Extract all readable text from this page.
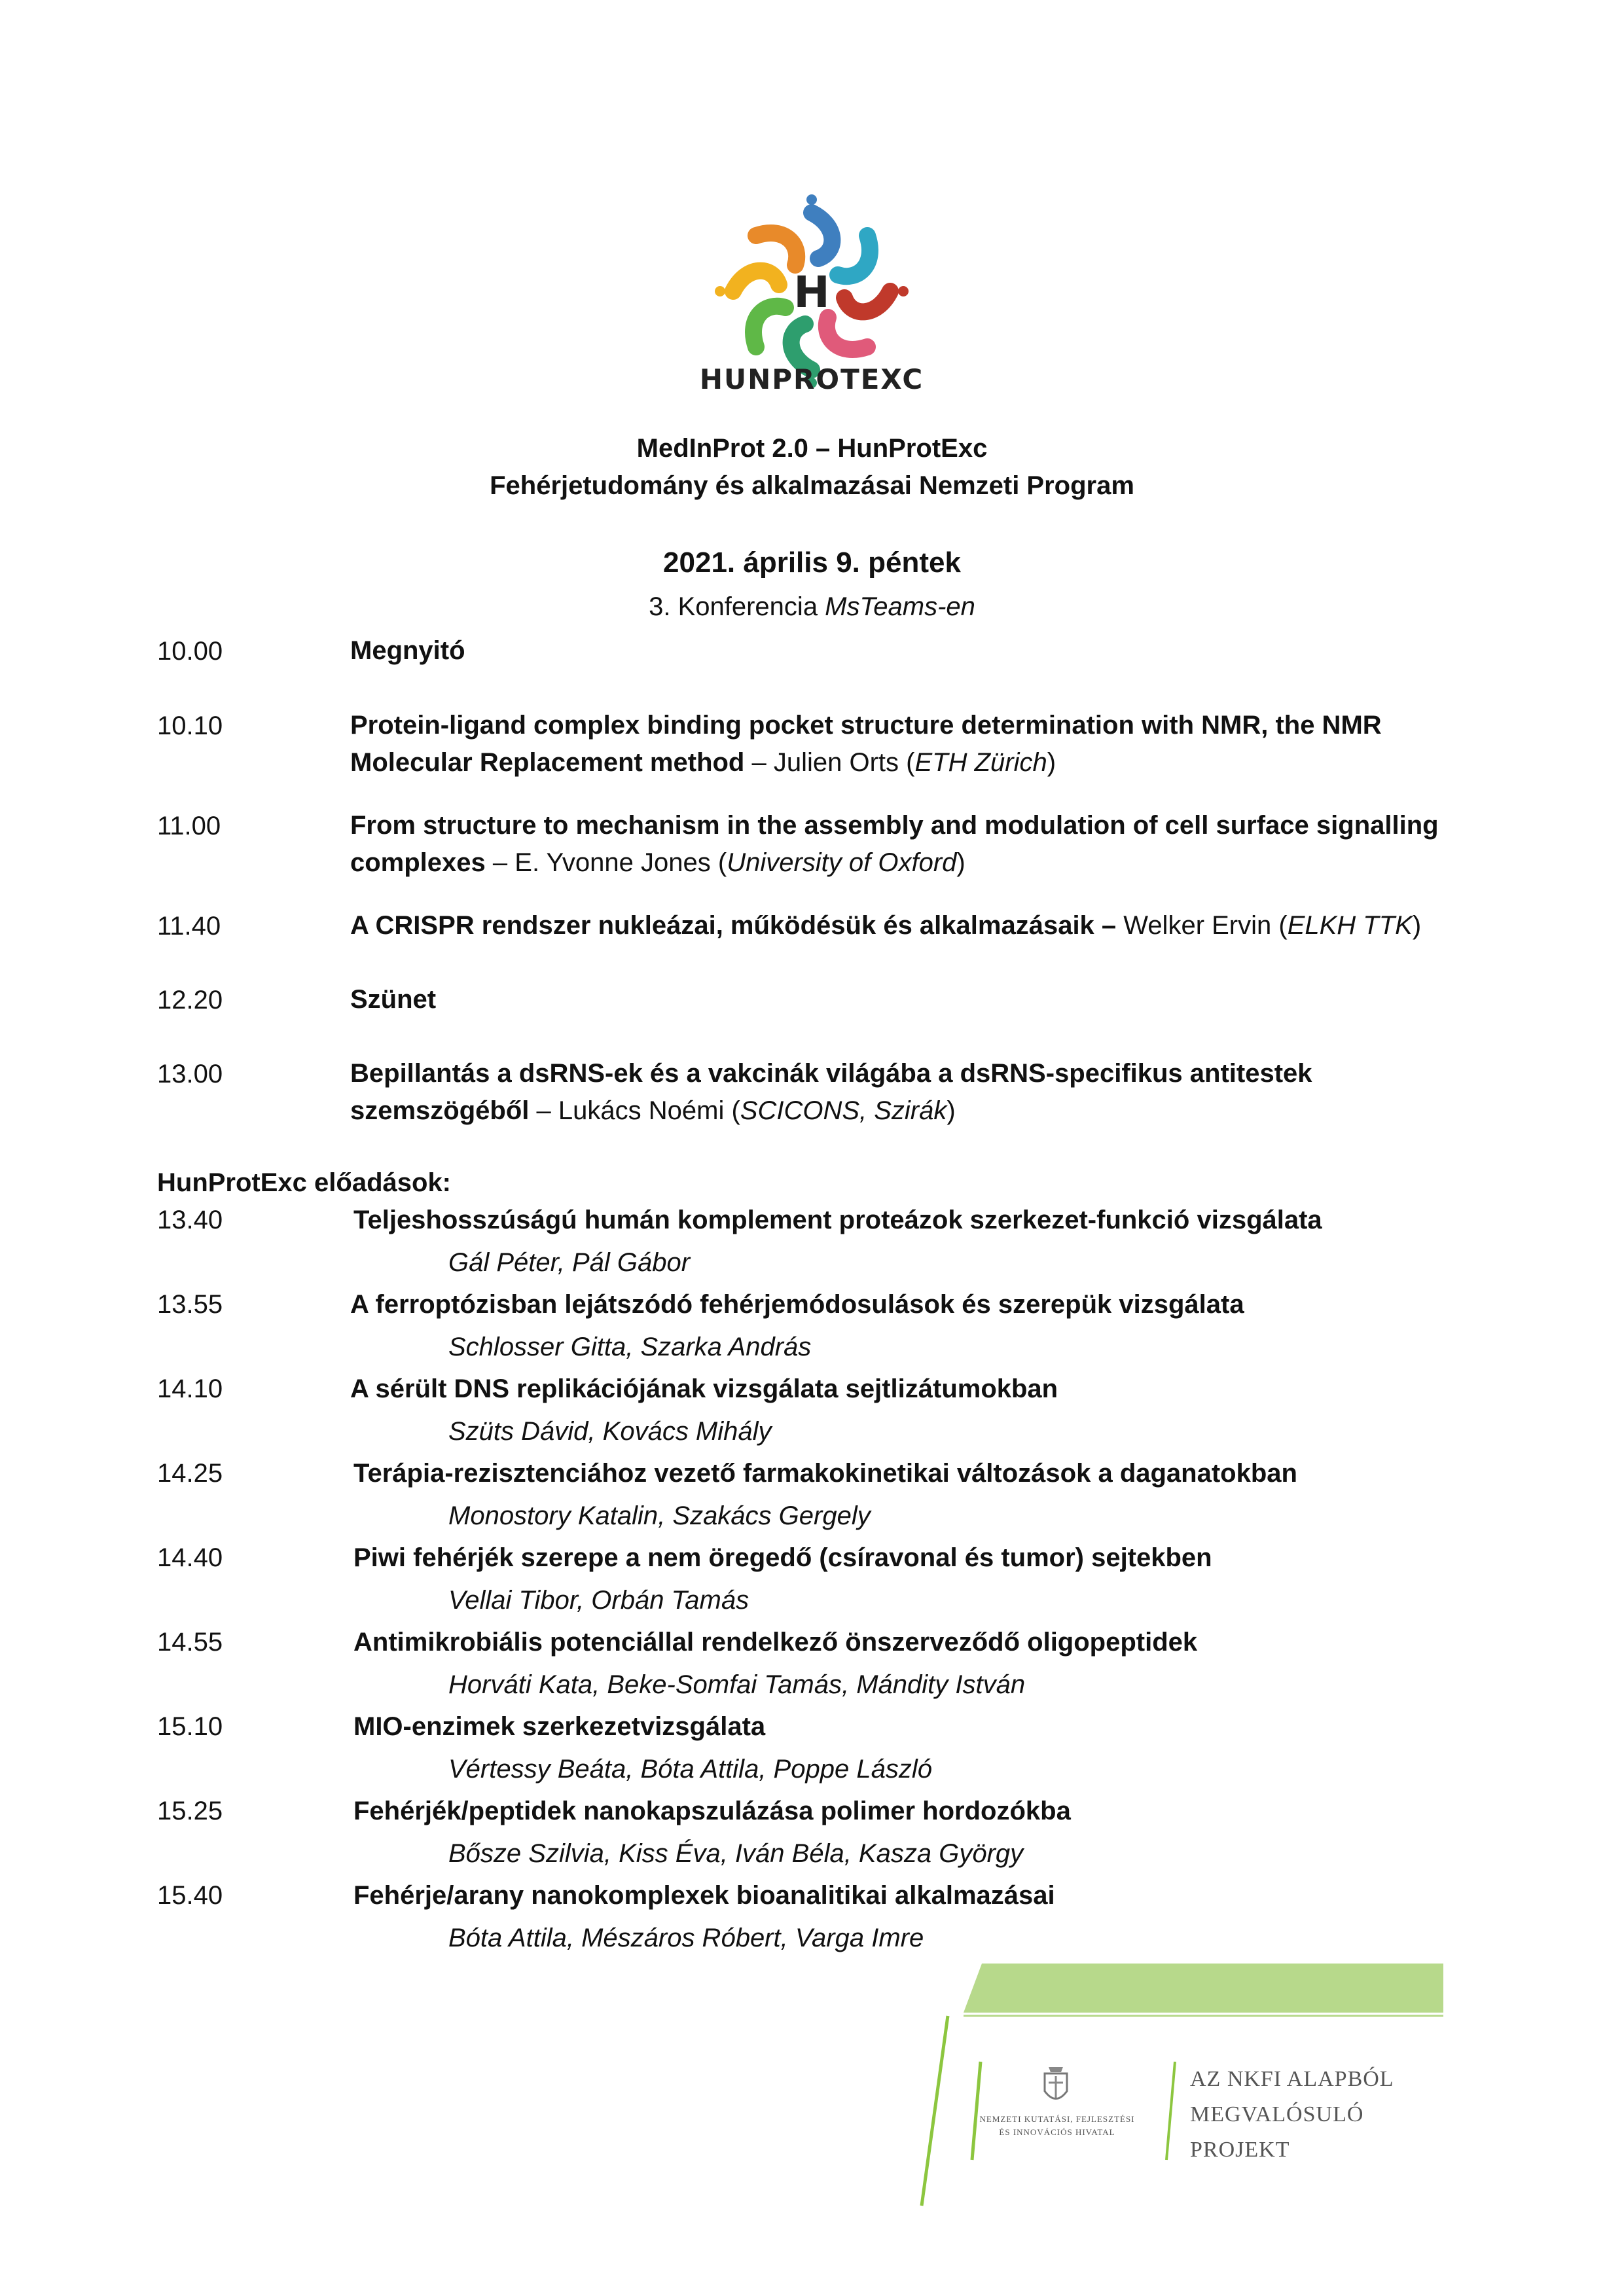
H
HUNPROTEXC
MedInProt 2.0 – HunProtExc
Fehérjetudomány és alkalmazásai Nemzeti Program
2021. április 9. péntek
3. Konferencia MsTeams-en
10.00	Megnyitó
10.10	Protein-ligand complex binding pocket structure determination with NMR, the NMR Molecular Replacement method – Julien Orts (ETH Zürich)
11.00	From structure to mechanism in the assembly and modulation of cell surface signalling complexes – E. Yvonne Jones (University of Oxford)
11.40	A CRISPR rendszer nukleázai, működésük és alkalmazásaik – Welker Ervin (ELKH TTK)
12.20	Szünet
13.00	Bepillantás a dsRNS-ek és a vakcinák világába a dsRNS-specifikus antitestek szemszögéből – Lukács Noémi (SCICONS, Szirák)
HunProtExc előadások:
13.40	Teljeshosszúságú humán komplement proteázok szerkezet-funkció vizsgálata
Gál Péter, Pál Gábor
13.55	A ferroptózisban lejátszódó fehérjemódosulások és szerepük vizsgálata
Schlosser Gitta, Szarka András
14.10	A sérült DNS replikációjának vizsgálata sejtlizátumokban
Szüts Dávid, Kovács Mihály
14.25	Terápia-rezisztenciához vezető farmakokinetikai változások a daganatokban
Monostory Katalin, Szakács Gergely
14.40	Piwi fehérjék szerepe a nem öregedő (csíravonal és tumor) sejtekben
Vellai Tibor, Orbán Tamás
14.55	Antimikrobiális potenciállal rendelkező önszerveződő oligopeptidek
Horváti Kata, Beke-Somfai Tamás, Mándity István
15.10	MIO-enzimek szerkezetvizsgálata
Vértessy Beáta, Bóta Attila, Poppe László
15.25	Fehérjék/peptidek nanokapszulázása polimer hordozókba
Bősze Szilvia, Kiss Éva, Iván Béla, Kasza György
15.40	Fehérje/arany nanokomplexek bioanalitikai alkalmazásai
Bóta Attila, Mészáros Róbert, Varga Imre
NEMZETI KUTATÁSI, FEJLESZTÉSI
ÉS INNOVÁCIÓS HIVATAL
AZ NKFI ALAPBÓL
MEGVALÓSULÓ
PROJEKT
